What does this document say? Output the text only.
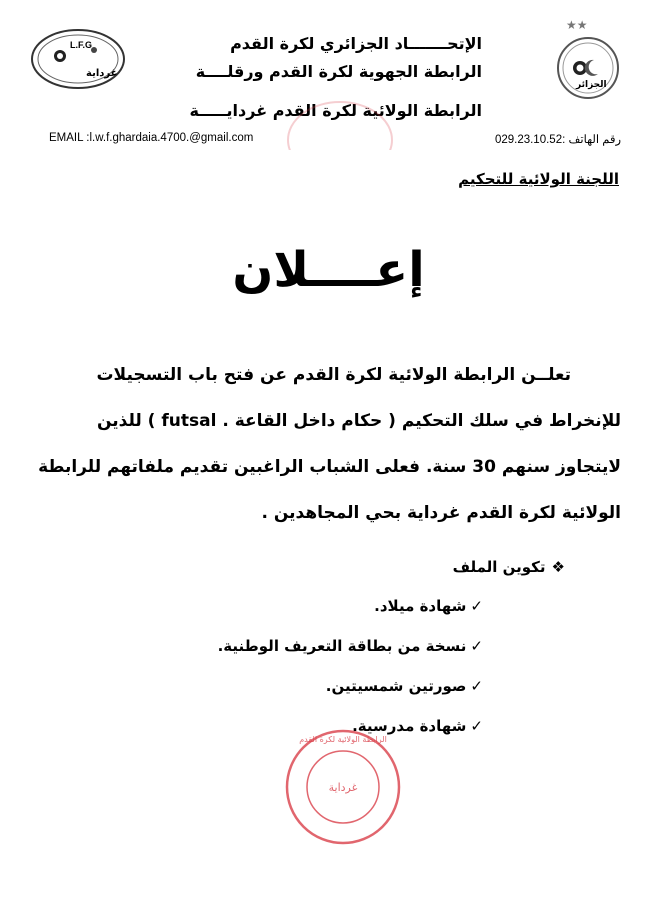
L.F.G
غرداية
★★
الجزائر
الإتحـــــــاد الجزائري لكرة القدم
الرابطة الجهوية لكرة القدم ورقلــــة
الرابطة الولائية لكرة القدم غردايـــــة
EMAIL :l.w.f.ghardaia.4700.@gmail.com	رقم الهاتف :029.23.10.52
اللجنة الولائية للتحكيم
إعــــلان
تعلــن الرابطة الولائية لكرة القدم عن فتح باب التسجيلات
للإنخراط في سلك التحكيم ( حكام داخل القاعة . futsal ) للذين
لايتجاوز سنهم 30 سنة. فعلى الشباب الراغبين تقديم ملفاتهم للرابطة
الولائية لكرة القدم غرداية بحي المجاهدين .
❖تكوين الملف
✓شهادة ميلاد.
✓نسخة من بطاقة التعريف الوطنية.
✓صورتين شمسيتين.
✓شهادة مدرسية.
الرابطة الولائية لكرة القدم
غرداية
